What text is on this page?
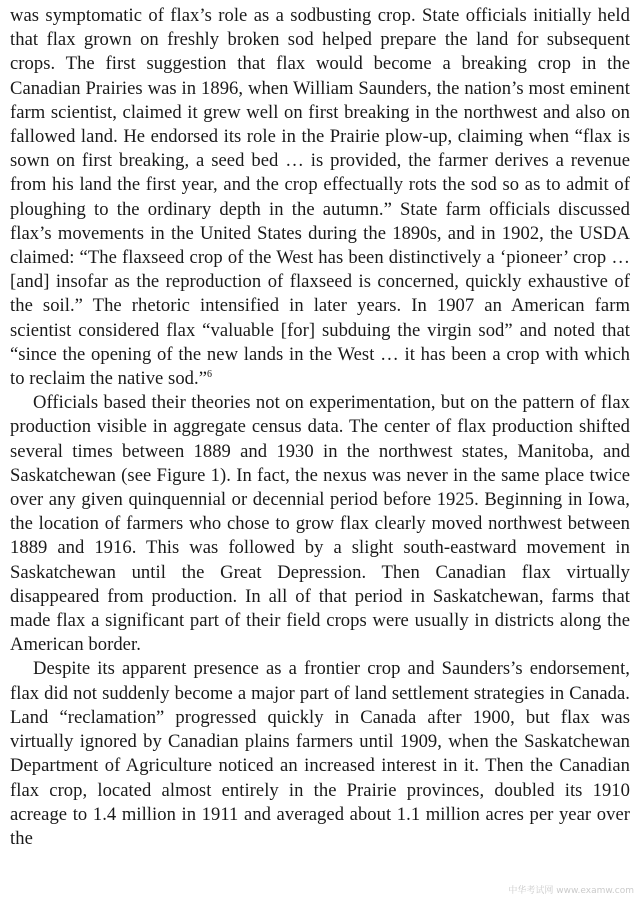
was symptomatic of flax’s role as a sodbusting crop. State officials initially held that flax grown on freshly broken sod helped prepare the land for subsequent crops. The first suggestion that flax would become a breaking crop in the Canadian Prairies was in 1896, when William Saunders, the nation’s most eminent farm scientist, claimed it grew well on first breaking in the northwest and also on fallowed land. He endorsed its role in the Prairie plow-up, claiming when “flax is sown on first breaking, a seed bed … is provided, the farmer derives a revenue from his land the first year, and the crop effectually rots the sod so as to admit of ploughing to the ordinary depth in the autumn.” State farm officials discussed flax’s movements in the United States during the 1890s, and in 1902, the USDA claimed: “The flaxseed crop of the West has been distinctively a ‘pioneer’ crop … [and] insofar as the reproduction of flaxseed is concerned, quickly exhaustive of the soil.” The rhetoric intensified in later years. In 1907 an American farm scientist considered flax “valuable [for] subduing the virgin sod” and noted that “since the opening of the new lands in the West … it has been a crop with which to reclaim the native sod.”$^6$

Officials based their theories not on experimentation, but on the pattern of flax production visible in aggregate census data. The center of flax production shifted several times between 1889 and 1930 in the northwest states, Manitoba, and Saskatchewan (see Figure 1). In fact, the nexus was never in the same place twice over any given quinquennial or decennial period before 1925. Beginning in Iowa, the location of farmers who chose to grow flax clearly moved northwest between 1889 and 1916. This was followed by a slight south-eastward movement in Saskatchewan until the Great Depression. Then Canadian flax virtually disappeared from production. In all of that period in Saskatchewan, farms that made flax a significant part of their field crops were usually in districts along the American border.

Despite its apparent presence as a frontier crop and Saunders’s endorsement, flax did not suddenly become a major part of land settlement strategies in Canada. Land “reclamation” progressed quickly in Canada after 1900, but flax was virtually ignored by Canadian plains farmers until 1909, when the Saskatchewan Department of Agriculture noticed an increased interest in it. Then the Canadian flax crop, located almost entirely in the Prairie provinces, doubled its 1910 acreage to 1.4 million in 1911 and averaged about 1.1 million acres per year over the

中华考试网 www.examw.com
